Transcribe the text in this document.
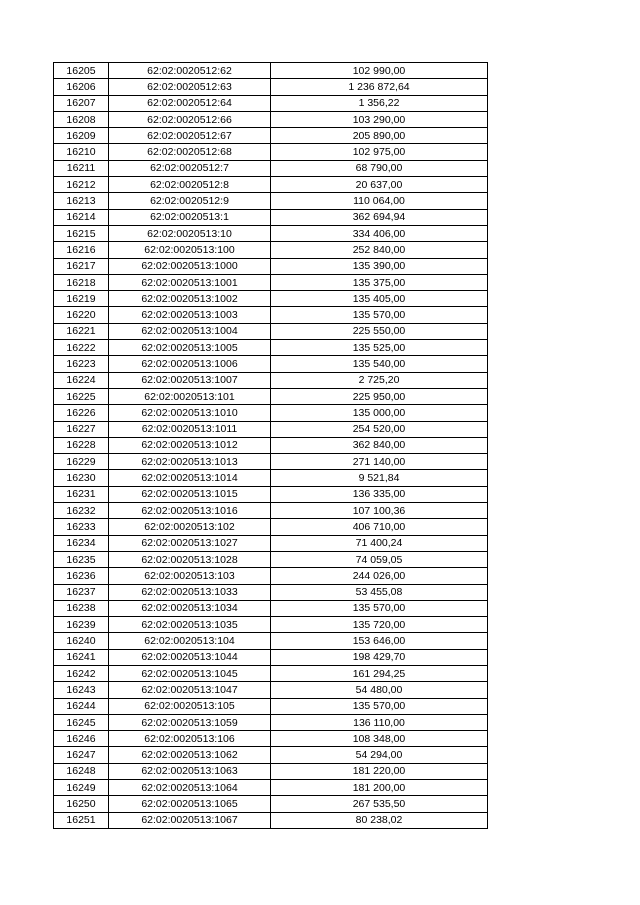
16205	62:02:0020512:62	102 990,00
16206	62:02:0020512:63	1 236 872,64
16207	62:02:0020512:64	1 356,22
16208	62:02:0020512:66	103 290,00
16209	62:02:0020512:67	205 890,00
16210	62:02:0020512:68	102 975,00
16211	62:02:0020512:7	68 790,00
16212	62:02:0020512:8	20 637,00
16213	62:02:0020512:9	110 064,00
16214	62:02:0020513:1	362 694,94
16215	62:02:0020513:10	334 406,00
16216	62:02:0020513:100	252 840,00
16217	62:02:0020513:1000	135 390,00
16218	62:02:0020513:1001	135 375,00
16219	62:02:0020513:1002	135 405,00
16220	62:02:0020513:1003	135 570,00
16221	62:02:0020513:1004	225 550,00
16222	62:02:0020513:1005	135 525,00
16223	62:02:0020513:1006	135 540,00
16224	62:02:0020513:1007	2 725,20
16225	62:02:0020513:101	225 950,00
16226	62:02:0020513:1010	135 000,00
16227	62:02:0020513:1011	254 520,00
16228	62:02:0020513:1012	362 840,00
16229	62:02:0020513:1013	271 140,00
16230	62:02:0020513:1014	9 521,84
16231	62:02:0020513:1015	136 335,00
16232	62:02:0020513:1016	107 100,36
16233	62:02:0020513:102	406 710,00
16234	62:02:0020513:1027	71 400,24
16235	62:02:0020513:1028	74 059,05
16236	62:02:0020513:103	244 026,00
16237	62:02:0020513:1033	53 455,08
16238	62:02:0020513:1034	135 570,00
16239	62:02:0020513:1035	135 720,00
16240	62:02:0020513:104	153 646,00
16241	62:02:0020513:1044	198 429,70
16242	62:02:0020513:1045	161 294,25
16243	62:02:0020513:1047	54 480,00
16244	62:02:0020513:105	135 570,00
16245	62:02:0020513:1059	136 110,00
16246	62:02:0020513:106	108 348,00
16247	62:02:0020513:1062	54 294,00
16248	62:02:0020513:1063	181 220,00
16249	62:02:0020513:1064	181 200,00
16250	62:02:0020513:1065	267 535,50
16251	62:02:0020513:1067	80 238,02
